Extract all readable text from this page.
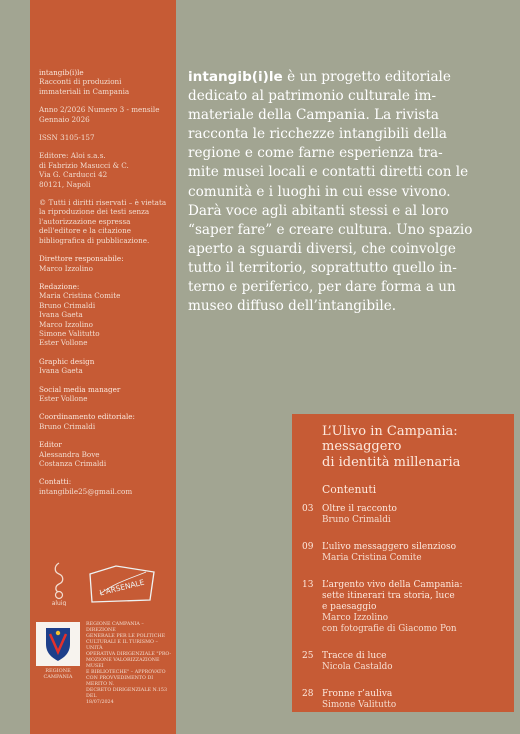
intangib(i)le
Racconti di produzioni
immateriali in Campania
Anno 2/2026 Numero 3 - mensile
Gennaio 2026
ISSN 3105-157
Editore: Aloi s.a.s.
di Fabrizio Masucci & C.
Via G. Carducci 42
80121, Napoli
© Tutti i diritti riservati – è vietata
la riproduzione dei testi senza
l'autorizzazione espressa
dell'editore e la citazione
bibliografica di pubblicazione.
Direttore responsabile:
Marco Izzolino
Redazione:
Maria Cristina Comite
Bruno Crimaldi
Ivana Gaeta
Marco Izzolino
Simone Valitutto
Ester Vollone
Graphic design
Ivana Gaeta
Social media manager
Ester Vollone
Coordinamento editoriale:
Bruno Crimaldi
Editor
Alessandra Bove
Costanza Crimaldi
Contatti:
intangibile25@gmail.com
aluig
L'ARSENALE
REGIONE CAMPANIA
REGIONE CAMPANIA – DIREZIONE
GENERALE PER LE POLITICHE
CULTURALI E IL TURISMO – UNITÀ
OPERATIVA DIRIGENZIALE "PRO-
MOZIONE VALORIZZAZIONE MUSEI
E BIBLIOTECHE" – APPROVATO
CON PROVVEDIMENTO DI MERITO N.
DECRETO DIRIGENZIALE N.153 DEL
18/07/2024
intangib(i)le è un progetto editoriale
dedicato al patrimonio culturale im-
materiale della Campania. La rivista
racconta le ricchezze intangibili della
regione e come farne esperienza tra-
mite musei locali e contatti diretti con le
comunità e i luoghi in cui esse vivono.
Darà voce agli abitanti stessi e al loro
“saper fare” e creare cultura. Uno spazio
aperto a sguardi diversi, che coinvolge
tutto il territorio, soprattutto quello in-
terno e periferico, per dare forma a un
museo diffuso dell’intangibile.
L’Ulivo in Campania:
messaggero
di identità millenaria
Contenuti
03 Oltre il racconto
Bruno Crimaldi
09 L’ulivo messaggero silenzioso
Maria Cristina Comite
13 L’argento vivo della Campania:
sette itinerari tra storia, luce
e paesaggio
Marco Izzolino
con fotografie di Giacomo Pon
25 Tracce di luce
Nicola Castaldo
28 Fronne r’auliva
Simone Valitutto
